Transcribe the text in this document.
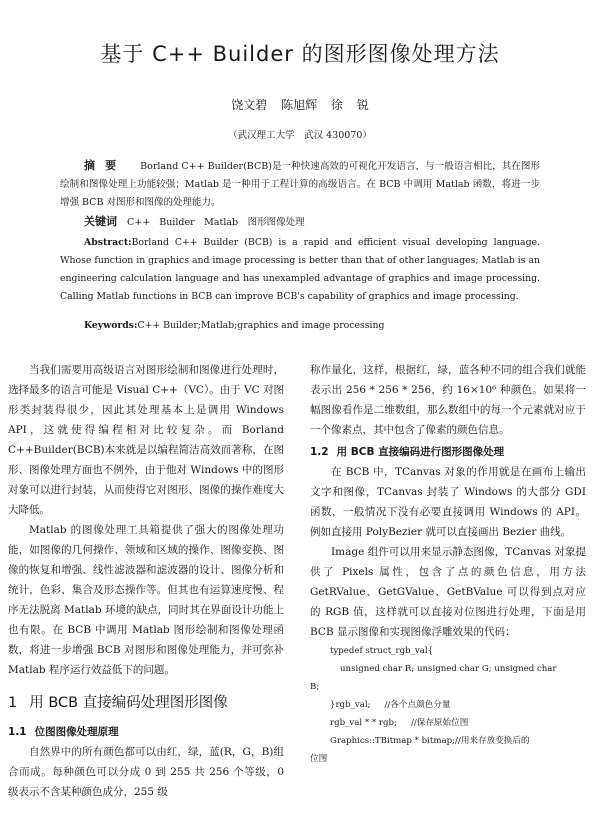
基于 C++ Builder 的图形图像处理方法
饶文碧 陈旭辉 徐 锐
（武汉理工大学　武汉 430070）
摘要 Borland C++ Builder(BCB)是一种快速高效的可视化开发语言，与一般语言相比，其在图形绘制和图像处理上功能较强；Matlab 是一种用于工程计算的高级语言。在 BCB 中调用 Matlab 函数，将进一步增强 BCB 对图形和图像的处理能力。
关键词 C++ Builder　Matlab　图形图像处理
Abstract:Borland C++ Builder (BCB) is a rapid and efficient visual developing language. Whose function in graphics and image processing is better than that of other languages; Matlab is an engineering calculation language and has unexampled advantage of graphics and image processing. Calling Matlab functions in BCB can improve BCB's capability of graphics and image processing.
Keywords:C++ Builder;Matlab;graphics and image processing

当我们需要用高级语言对图形绘制和图像进行处理时，选择最多的语言可能是 Visual C++（VC）。由于 VC 对图形类封装得很少，因此其处理基本上是调用 Windows API，这就使得编程相对比较复杂。而 Borland C++Builder(BCB)本来就是以编程简洁高效而著称，在图形、图像处理方面也不例外，由于他对 Windows 中的图形对象可以进行封装，从而使得它对图形、图像的操作难度大大降低。

Matlab 的图像处理工具箱提供了强大的图像处理功能，如图像的几何操作、领域和区域的操作、图像变换、图像的恢复和增强、线性滤波器和滤波器的设计、图像分析和统计，色彩、集合及形态操作等。但其也有运算速度慢、程序无法脱离 Matlab 环境的缺点，同时其在界面设计功能上也有限。在 BCB 中调用 Matlab 图形绘制和图像处理函数，将进一步增强 BCB 对图形和图像处理能力，并可弥补 Matlab 程序运行效益低下的问题。

1 用 BCB 直接编码处理图形图像
1.1 位图图像处理原理

自然界中的所有颜色都可以由红，绿，蓝(R，G，B)组合而成。每种颜色可以分成 0 到 255 共 256 个等级，0 级表示不含某种颜色成分，255 级

称作量化，这样，根据红，绿，蓝各种不同的组合我们就能表示出 256 * 256 * 256，约 16×10⁶ 种颜色。如果将一幅图像看作是二维数组，那么数组中的每一个元素就对应于一个像素点，其中包含了像素的颜色信息。

1.2 用 BCB 直接编码进行图形图像处理

在 BCB 中，TCanvas 对象的作用就是在画布上输出文字和图像，TCanvas 封装了 Windows 的大部分 GDI 函数，一般情况下没有必要直接调用 Windows 的 API。例如直接用 PolyBezier 就可以直接画出 Bezier 曲线。

Image 组件可以用来显示静态图像，TCanvas 对象提供了 Pixels 属性，包含了点的颜色信息，用方法 GetRValue、GetGValue、GetBValue 可以得到点对应的 RGB 值，这样就可以直接对位图进行处理，下面是用 BCB 显示图像和实现图像浮雕效果的代码：

typedef struct_rgb_val{
unsigned char R; unsigned char G; unsigned char
B;
}rgb_val; //各个点颜色分量
rgb_val * * rgb; //保存原始位图
Graphics::TBitmap * bitmap;//用来存放变换后的
位图
